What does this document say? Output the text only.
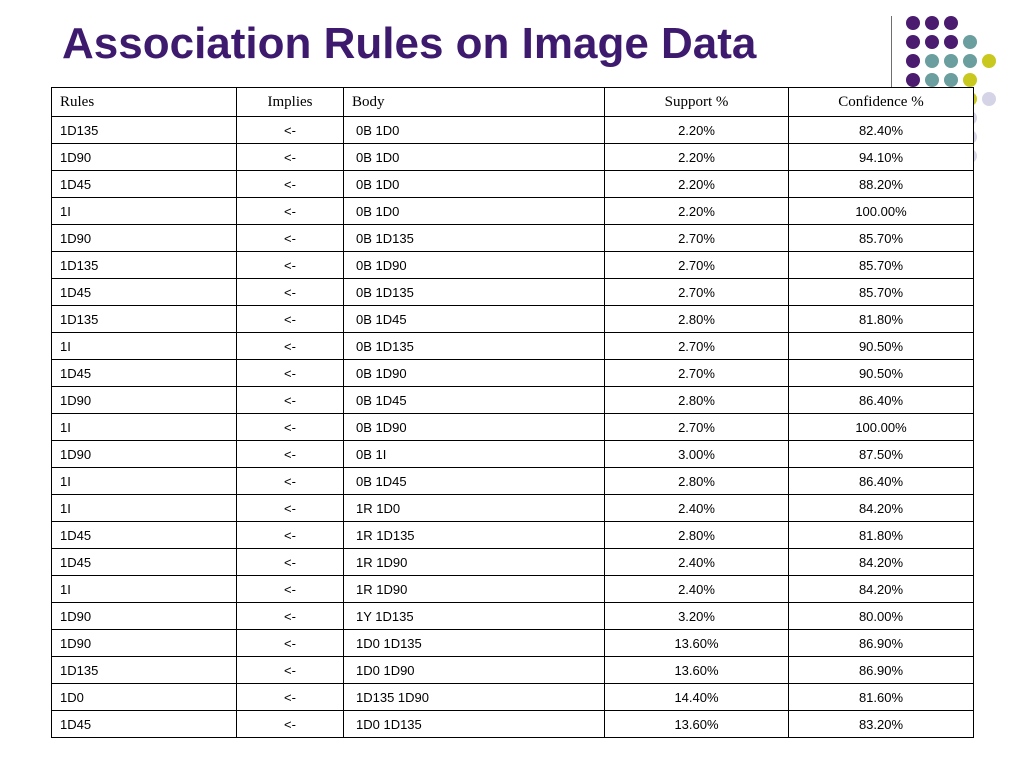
Association Rules on Image Data
Rules	Implies	Body	Support %	Confidence %
1D135	<-	0B 1D0	2.20%	82.40%
1D90	<-	0B 1D0	2.20%	94.10%
1D45	<-	0B 1D0	2.20%	88.20%
1I	<-	0B 1D0	2.20%	100.00%
1D90	<-	0B 1D135	2.70%	85.70%
1D135	<-	0B 1D90	2.70%	85.70%
1D45	<-	0B 1D135	2.70%	85.70%
1D135	<-	0B 1D45	2.80%	81.80%
1I	<-	0B 1D135	2.70%	90.50%
1D45	<-	0B 1D90	2.70%	90.50%
1D90	<-	0B 1D45	2.80%	86.40%
1I	<-	0B 1D90	2.70%	100.00%
1D90	<-	0B 1I	3.00%	87.50%
1I	<-	0B 1D45	2.80%	86.40%
1I	<-	1R 1D0	2.40%	84.20%
1D45	<-	1R 1D135	2.80%	81.80%
1D45	<-	1R 1D90	2.40%	84.20%
1I	<-	1R 1D90	2.40%	84.20%
1D90	<-	1Y 1D135	3.20%	80.00%
1D90	<-	1D0 1D135	13.60%	86.90%
1D135	<-	1D0 1D90	13.60%	86.90%
1D0	<-	1D135 1D90	14.40%	81.60%
1D45	<-	1D0 1D135	13.60%	83.20%
